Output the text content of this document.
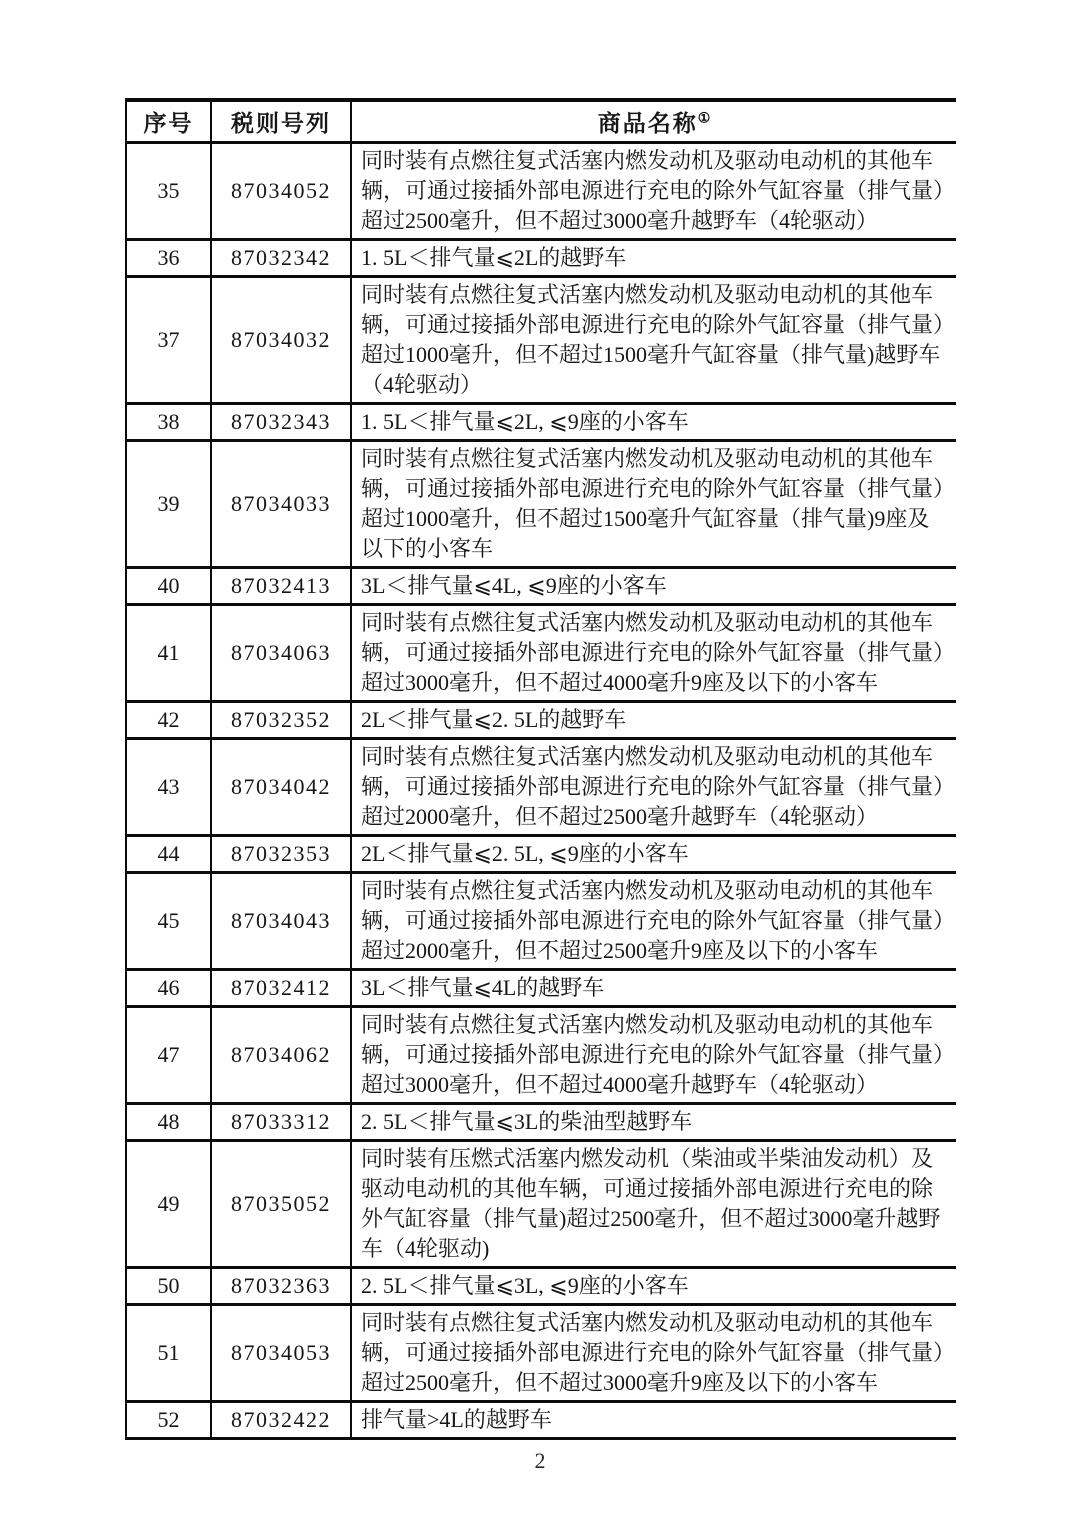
序号	税则号列	商品名称①
35	87034052	同时装有点燃往复式活塞内燃发动机及驱动电动机的其他车辆，可通过接插外部电源进行充电的除外气缸容量（排气量）超过2500毫升，但不超过3000毫升越野车（4轮驱动）
36	87032342	1. 5L＜排气量⩽2L的越野车
37	87034032	同时装有点燃往复式活塞内燃发动机及驱动电动机的其他车辆，可通过接插外部电源进行充电的除外气缸容量（排气量）超过1000毫升，但不超过1500毫升气缸容量（排气量)越野车（4轮驱动）
38	87032343	1. 5L＜排气量⩽2L, ⩽9座的小客车
39	87034033	同时装有点燃往复式活塞内燃发动机及驱动电动机的其他车辆，可通过接插外部电源进行充电的除外气缸容量（排气量）超过1000毫升，但不超过1500毫升气缸容量（排气量)9座及以下的小客车
40	87032413	3L＜排气量⩽4L, ⩽9座的小客车
41	87034063	同时装有点燃往复式活塞内燃发动机及驱动电动机的其他车辆，可通过接插外部电源进行充电的除外气缸容量（排气量）超过3000毫升，但不超过4000毫升9座及以下的小客车
42	87032352	2L＜排气量⩽2. 5L的越野车
43	87034042	同时装有点燃往复式活塞内燃发动机及驱动电动机的其他车辆，可通过接插外部电源进行充电的除外气缸容量（排气量）超过2000毫升，但不超过2500毫升越野车（4轮驱动）
44	87032353	2L＜排气量⩽2. 5L, ⩽9座的小客车
45	87034043	同时装有点燃往复式活塞内燃发动机及驱动电动机的其他车辆，可通过接插外部电源进行充电的除外气缸容量（排气量）超过2000毫升，但不超过2500毫升9座及以下的小客车
46	87032412	3L＜排气量⩽4L的越野车
47	87034062	同时装有点燃往复式活塞内燃发动机及驱动电动机的其他车辆，可通过接插外部电源进行充电的除外气缸容量（排气量）超过3000毫升，但不超过4000毫升越野车（4轮驱动）
48	87033312	2. 5L＜排气量⩽3L的柴油型越野车
49	87035052	同时装有压燃式活塞内燃发动机（柴油或半柴油发动机）及驱动电动机的其他车辆，可通过接插外部电源进行充电的除外气缸容量（排气量)超过2500毫升，但不超过3000毫升越野车（4轮驱动)
50	87032363	2. 5L＜排气量⩽3L, ⩽9座的小客车
51	87034053	同时装有点燃往复式活塞内燃发动机及驱动电动机的其他车辆，可通过接插外部电源进行充电的除外气缸容量（排气量）超过2500毫升，但不超过3000毫升9座及以下的小客车
52	87032422	排气量>4L的越野车
2
